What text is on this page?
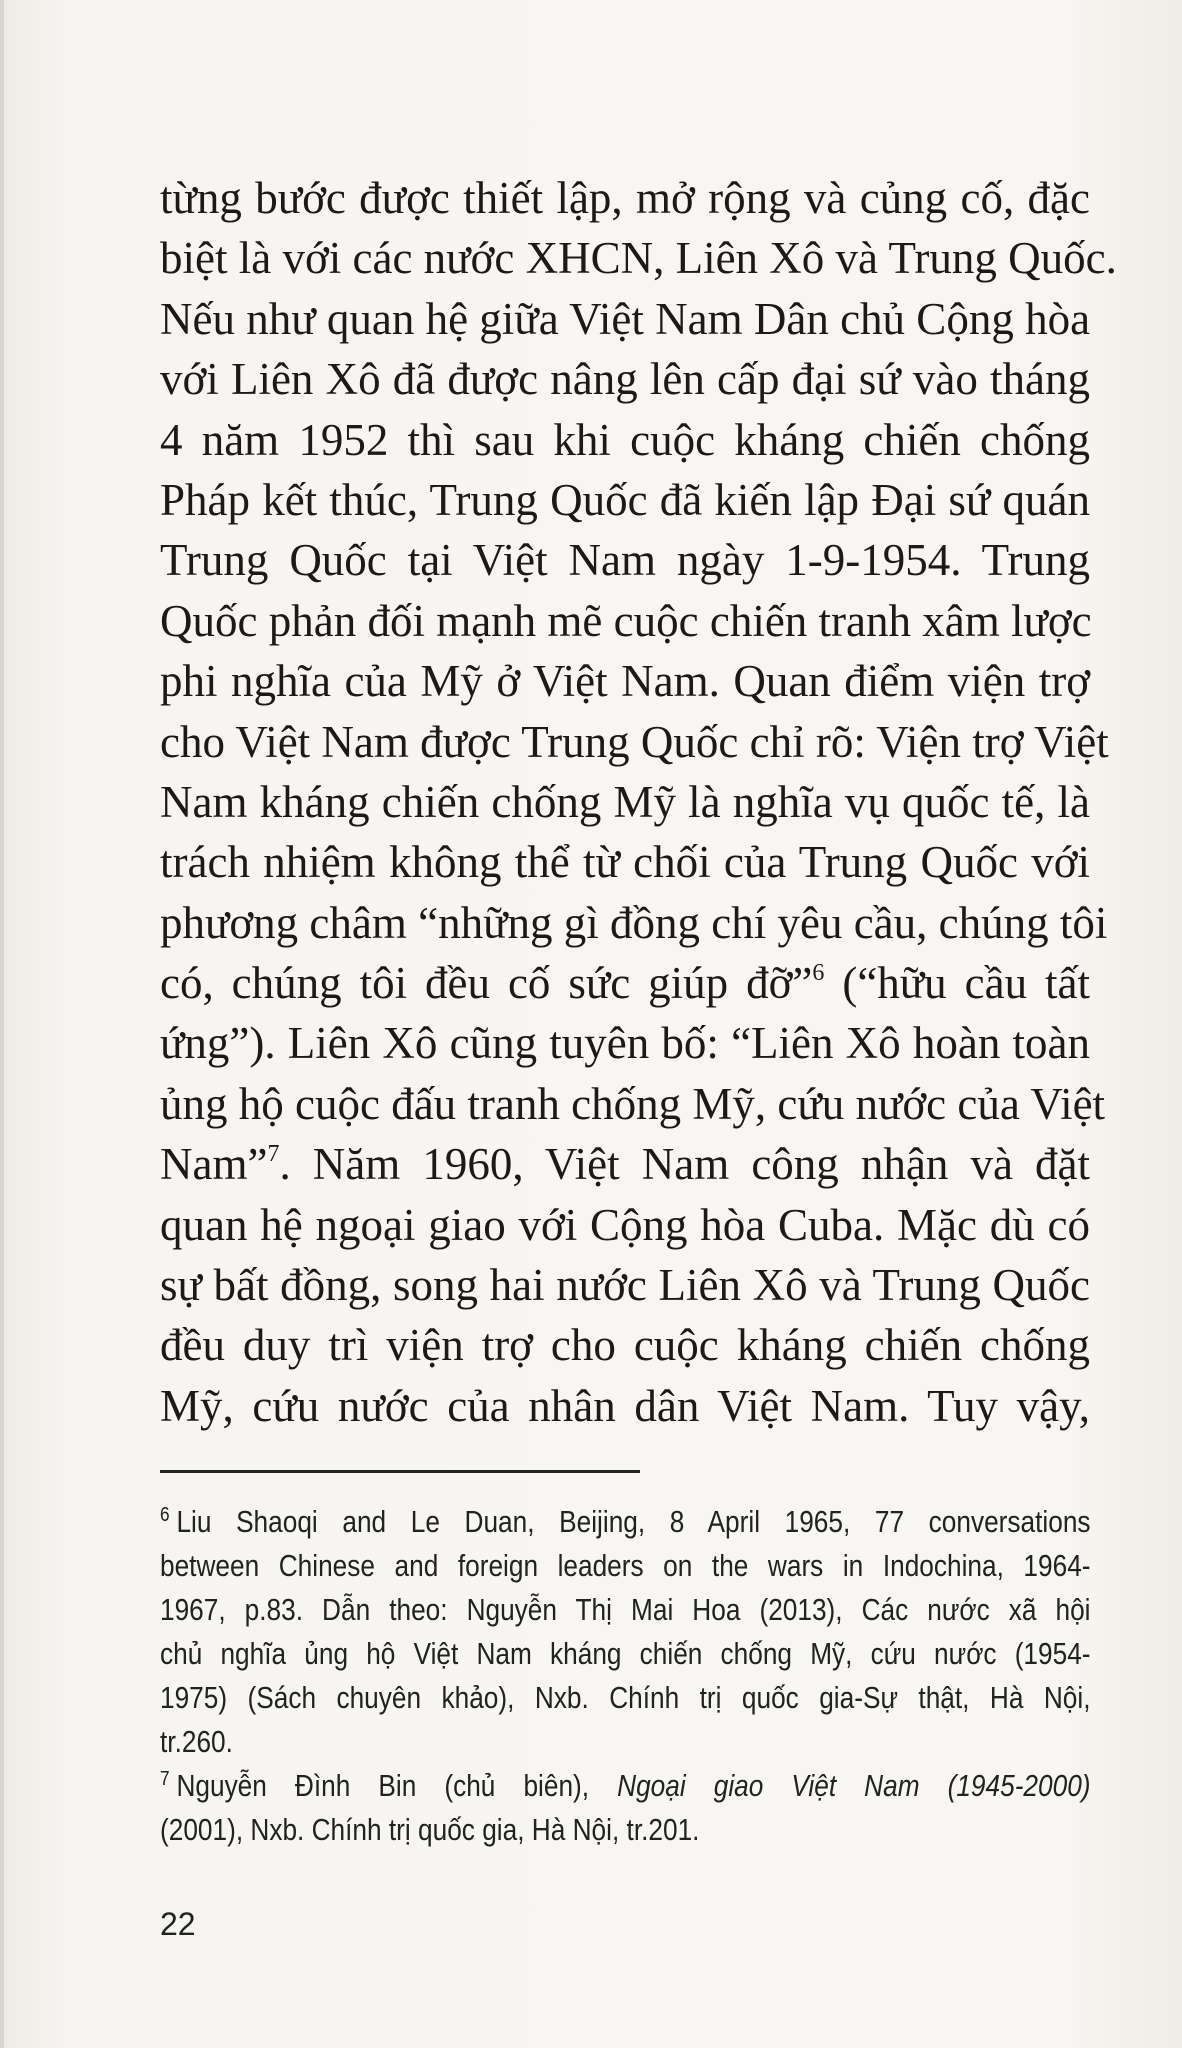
từng bước được thiết lập, mở rộng và củng cố, đặc
biệt là với các nước XHCN, Liên Xô và Trung Quốc.
Nếu như quan hệ giữa Việt Nam Dân chủ Cộng hòa
với Liên Xô đã được nâng lên cấp đại sứ vào tháng
4 năm 1952 thì sau khi cuộc kháng chiến chống
Pháp kết thúc, Trung Quốc đã kiến lập Đại sứ quán
Trung Quốc tại Việt Nam ngày 1-9-1954. Trung
Quốc phản đối mạnh mẽ cuộc chiến tranh xâm lược
phi nghĩa của Mỹ ở Việt Nam. Quan điểm viện trợ
cho Việt Nam được Trung Quốc chỉ rõ: Viện trợ Việt
Nam kháng chiến chống Mỹ là nghĩa vụ quốc tế, là
trách nhiệm không thể từ chối của Trung Quốc với
phương châm “những gì đồng chí yêu cầu, chúng tôi
có, chúng tôi đều cố sức giúp đỡ”$^6$ (“hữu cầu tất
ứng”). Liên Xô cũng tuyên bố: “Liên Xô hoàn toàn
ủng hộ cuộc đấu tranh chống Mỹ, cứu nước của Việt
Nam”$^7$. Năm 1960, Việt Nam công nhận và đặt
quan hệ ngoại giao với Cộng hòa Cuba. Mặc dù có
sự bất đồng, song hai nước Liên Xô và Trung Quốc
đều duy trì viện trợ cho cuộc kháng chiến chống
Mỹ, cứu nước của nhân dân Việt Nam. Tuy vậy,
$^6$ Liu Shaoqi and Le Duan, Beijing, 8 April 1965, 77 conversations
between Chinese and foreign leaders on the wars in Indochina, 1964-
1967, p.83. Dẫn theo: Nguyễn Thị Mai Hoa (2013), Các nước xã hội
chủ nghĩa ủng hộ Việt Nam kháng chiến chống Mỹ, cứu nước (1954-
1975) (Sách chuyên khảo), Nxb. Chính trị quốc gia-Sự thật, Hà Nội,
tr.260.
$^7$ Nguyễn Đình Bin (chủ biên), Ngoại giao Việt Nam (1945-2000)
(2001), Nxb. Chính trị quốc gia, Hà Nội, tr.201.
22
